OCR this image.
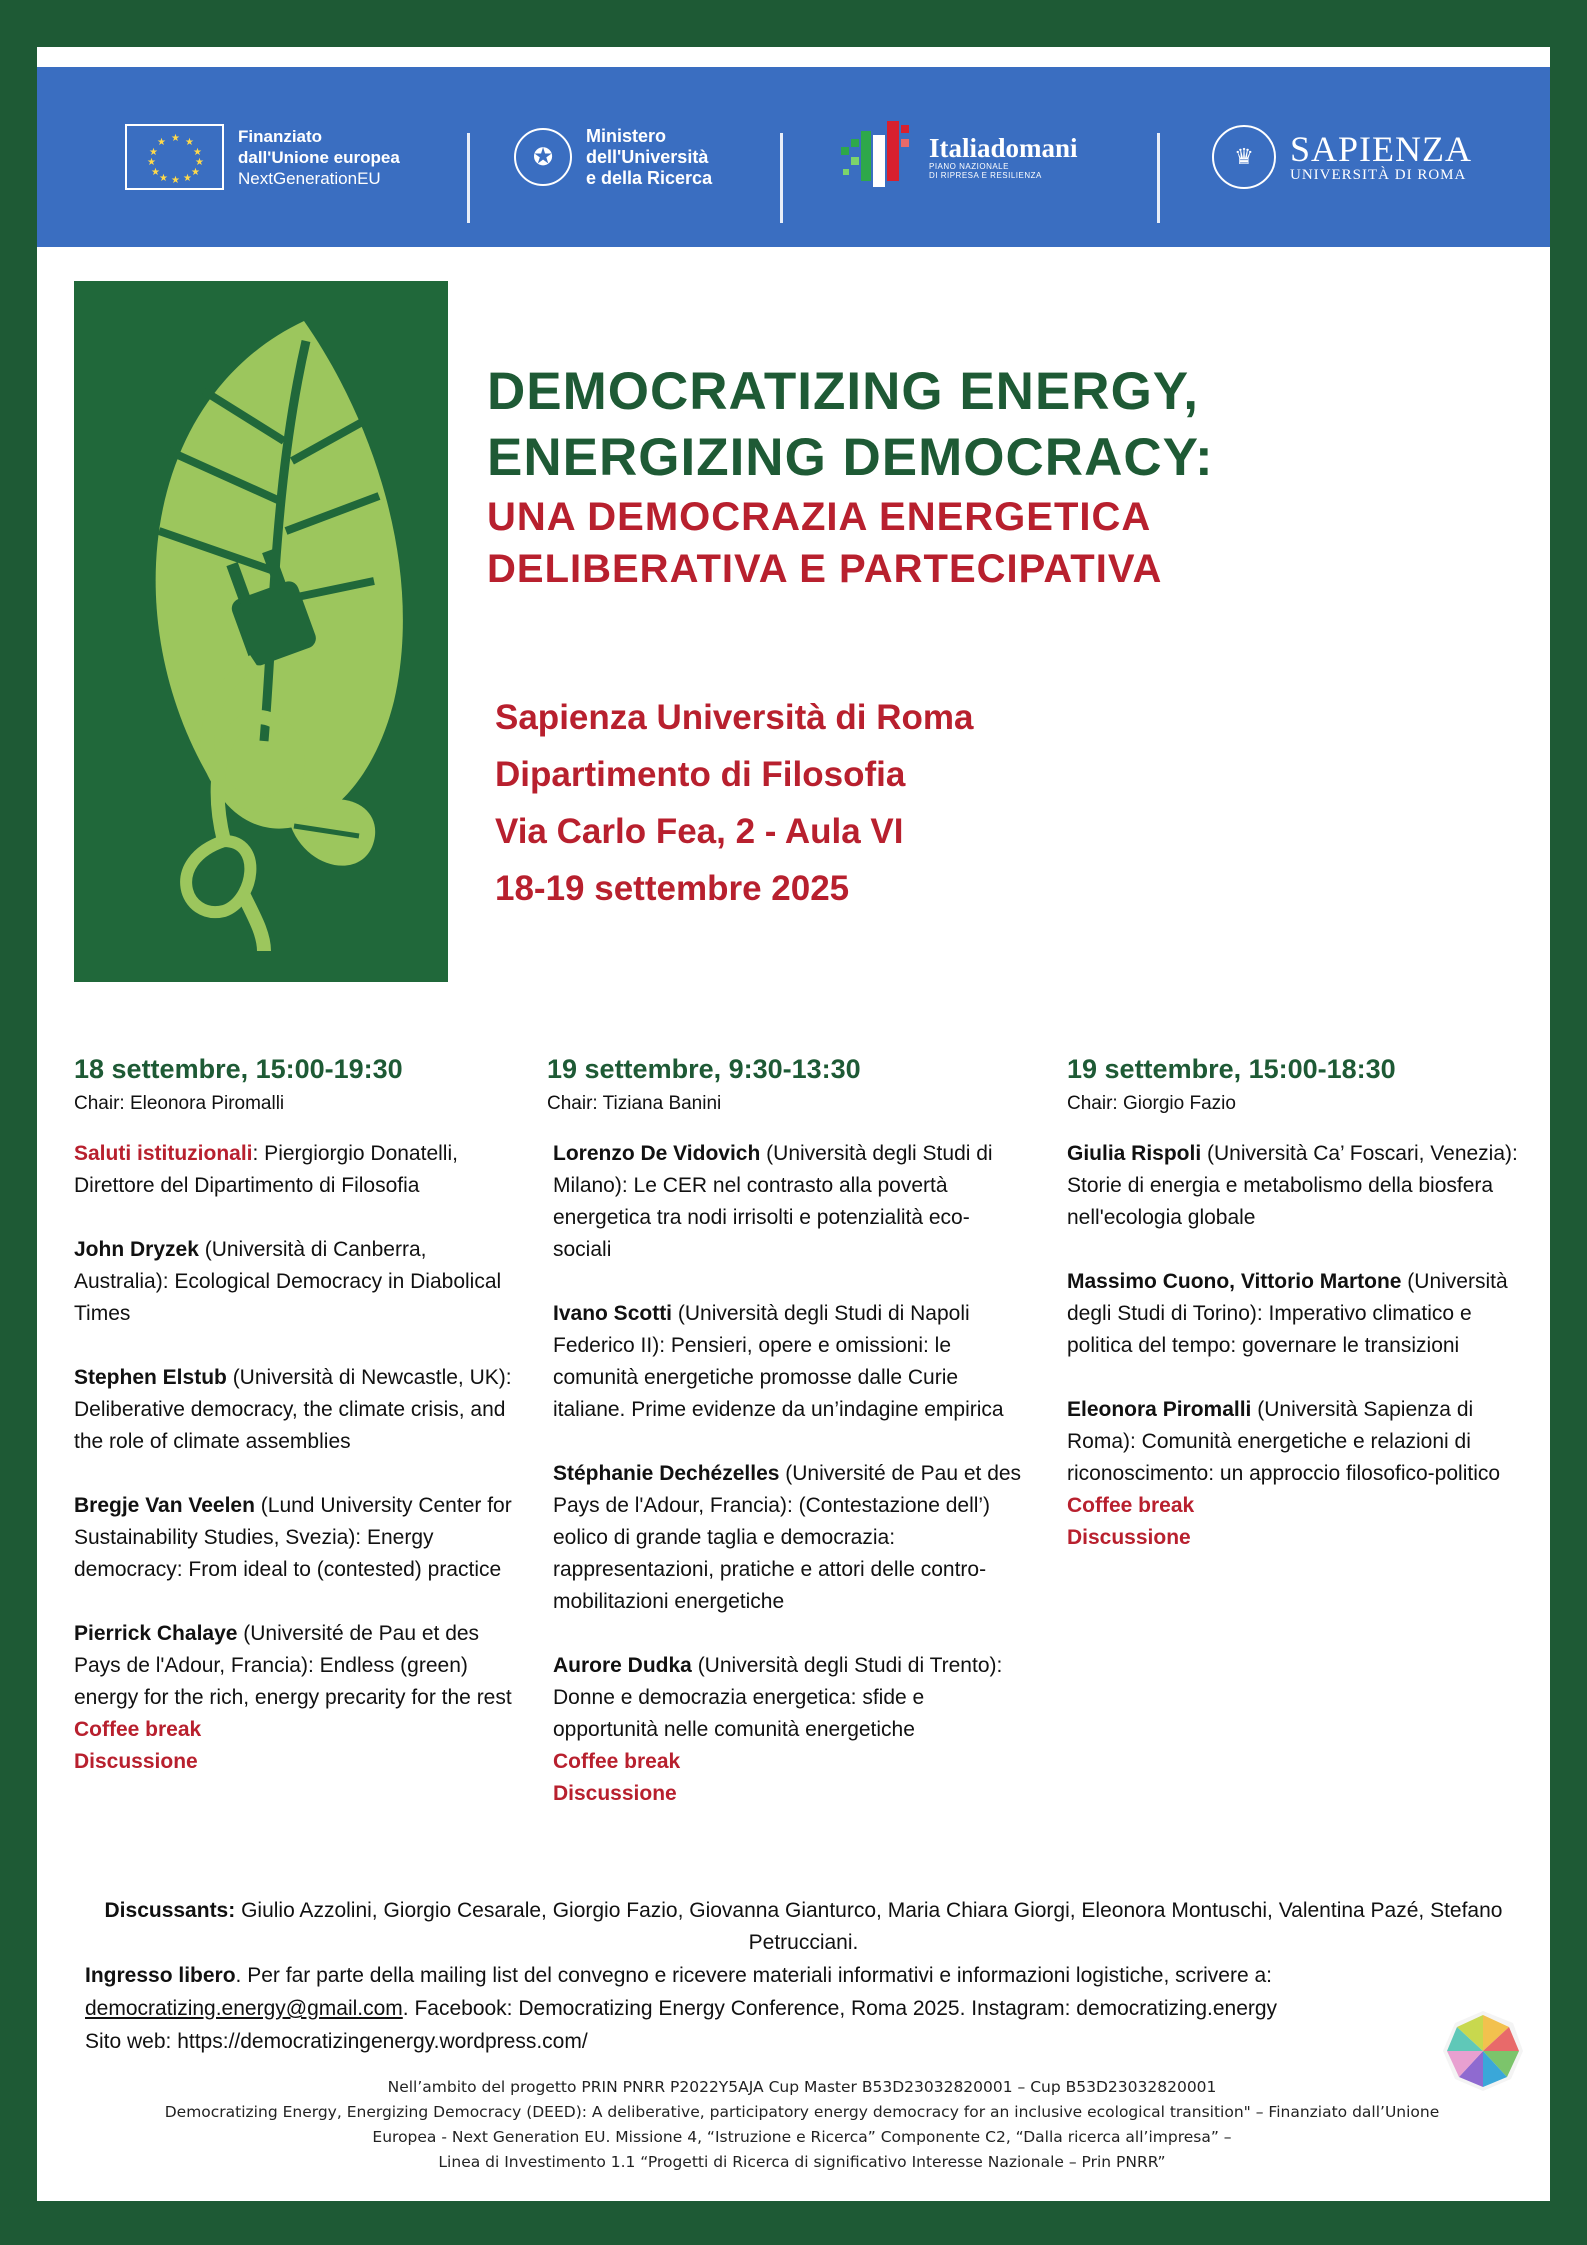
★ ★
★
★
★
★
★
★
★
★
★
★	Finanziato
dall'Unione europea
NextGenerationEU
✪
Ministero
dell'Università
e della Ricerca
Italiadomani
PIANO NAZIONALE
DI RIPRESA E RESILIENZA
♛	SAPIENZA
UNIVERSITÀ DI ROMA
DEMOCRATIZING ENERGY,
ENERGIZING DEMOCRACY:
UNA DEMOCRAZIA ENERGETICA
DELIBERATIVA E PARTECIPATIVA
Sapienza Università di Roma
Dipartimento di Filosofia
Via Carlo Fea, 2 - Aula VI
18-19 settembre 2025
18 settembre, 15:00-19:30
Chair: Eleonora Piromalli
Saluti istituzionali: Piergiorgio Donatelli, Direttore del Dipartimento di Filosofia
John Dryzek (Università di Canberra, Australia): Ecological Democracy in Diabolical Times
Stephen Elstub (Università di Newcastle, UK): Deliberative democracy, the climate crisis, and the role of climate assemblies
Bregje Van Veelen (Lund University Center for Sustainability Studies, Svezia): Energy democracy: From ideal to (contested) practice
Pierrick Chalaye (Université de Pau et des Pays de l'Adour, Francia): Endless (green) energy for the rich, energy precarity for the rest
Coffee break
Discussione
19 settembre, 9:30-13:30
Chair: Tiziana Banini
Lorenzo De Vidovich (Università degli Studi di Milano): Le CER nel contrasto alla povertà energetica tra nodi irrisolti e potenzialità eco-sociali
Ivano Scotti (Università degli Studi di Napoli Federico II): Pensieri, opere e omissioni: le comunità energetiche promosse dalle Curie italiane. Prime evidenze da un’indagine empirica
Stéphanie Dechézelles (Université de Pau et des Pays de l'Adour, Francia): (Contestazione dell’) eolico di grande taglia e democrazia: rappresentazioni, pratiche e attori delle contro-mobilitazioni energetiche
Aurore Dudka (Università degli Studi di Trento): Donne e democrazia energetica: sfide e opportunità nelle comunità energetiche
Coffee break
Discussione
19 settembre, 15:00-18:30
Chair: Giorgio Fazio
Giulia Rispoli (Università Ca’ Foscari, Venezia): Storie di energia e metabolismo della biosfera nell'ecologia globale
Massimo Cuono, Vittorio Martone (Università degli Studi di Torino): Imperativo climatico e politica del tempo: governare le transizioni
Eleonora Piromalli (Università Sapienza di Roma): Comunità energetiche e relazioni di riconoscimento: un approccio filosofico-politico
Coffee break
Discussione
Discussants: Giulio Azzolini, Giorgio Cesarale, Giorgio Fazio, Giovanna Gianturco, Maria Chiara Giorgi, Eleonora Montuschi, Valentina Pazé, Stefano Petrucciani.
Ingresso libero. Per far parte della mailing list del convegno e ricevere materiali informativi e informazioni logistiche, scrivere a: democratizing.energy@gmail.com. Facebook: Democratizing Energy Conference, Roma 2025. Instagram: democratizing.energy
Sito web: https://democratizingenergy.wordpress.com/
Nell’ambito del progetto PRIN PNRR P2022Y5AJA Cup Master B53D23032820001 – Cup B53D23032820001
Democratizing Energy, Energizing Democracy (DEED): A deliberative, participatory energy democracy for an inclusive ecological transition" – Finanziato dall’Unione
Europea - Next Generation EU. Missione 4, “Istruzione e Ricerca” Componente C2, “Dalla ricerca all’impresa” –
Linea di Investimento 1.1 “Progetti di Ricerca di significativo Interesse Nazionale – Prin PNRR”
